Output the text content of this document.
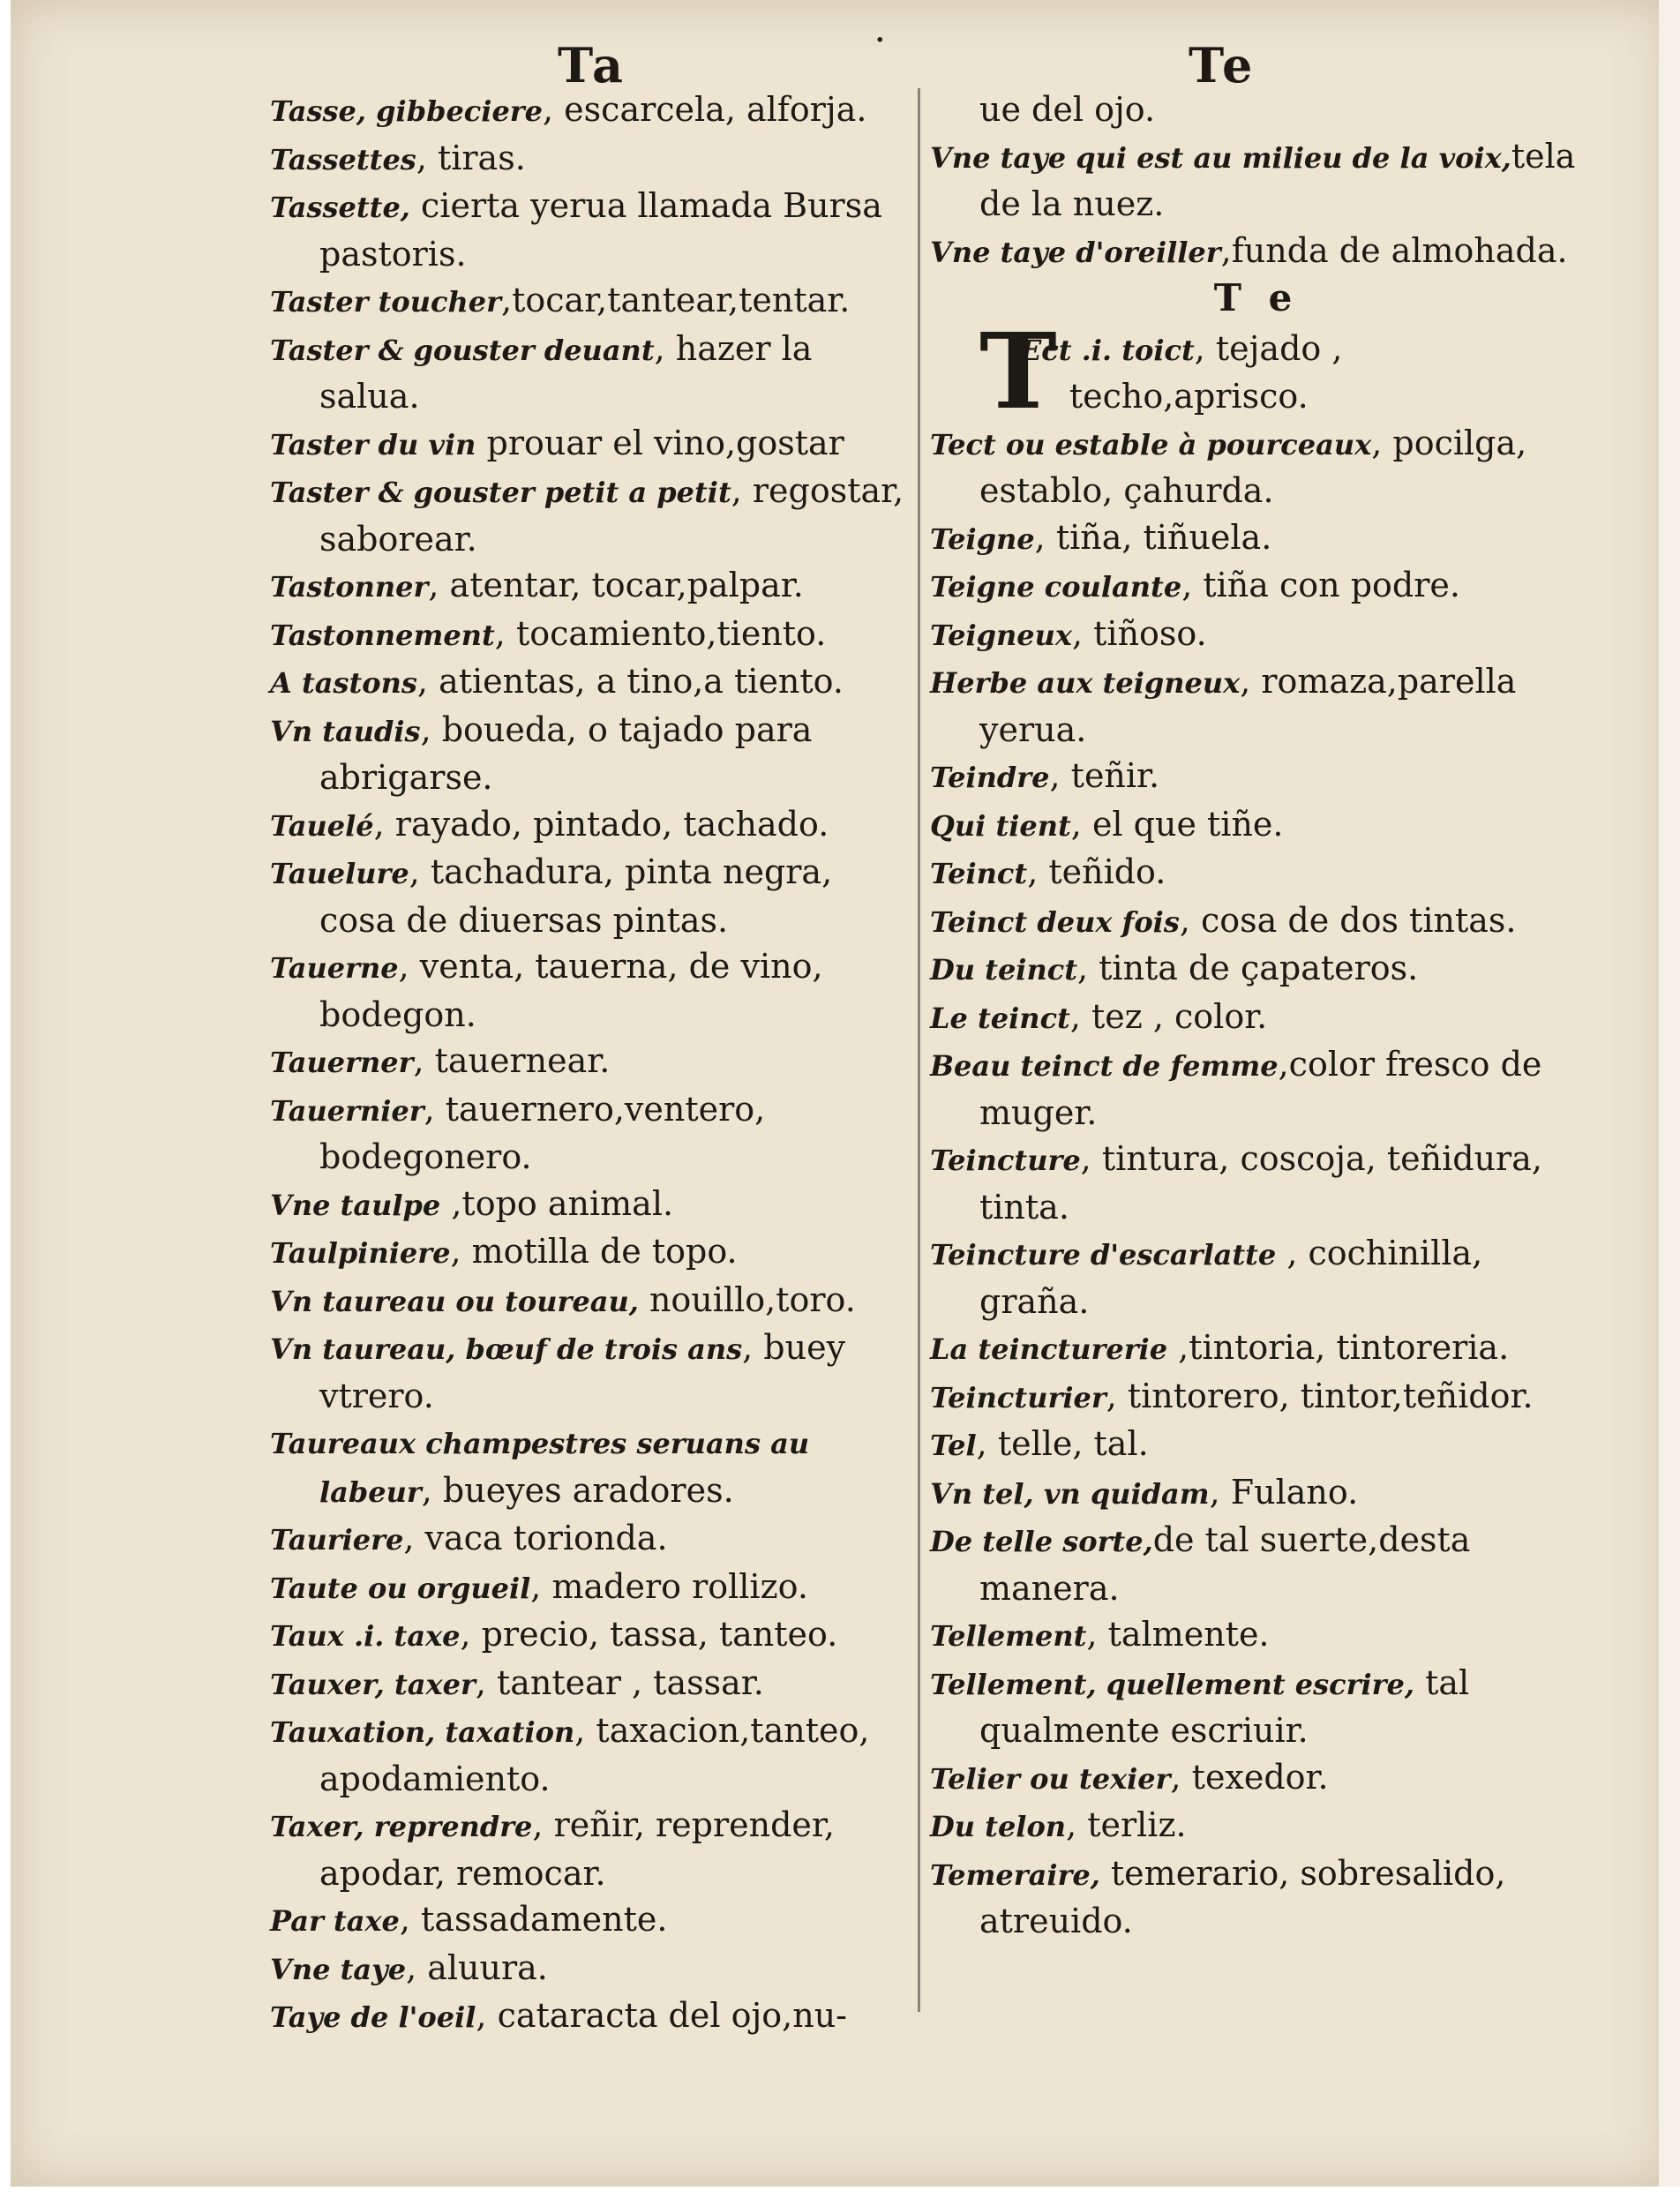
Ta	·	Te
Tasse, gibbeciere, escarcela, alforja.
Tassettes, tiras.
Tassette, cierta yerua llamada Bursa pastoris.
Taster toucher,tocar,tantear,tentar.
Taster & gouster deuant, hazer la salua.
Taster du vin prouar el vino,gostar
Taster & gouster petit a petit, regostar, saborear.
Tastonner, atentar, tocar,palpar.
Tastonnement, tocamiento,tiento.
A tastons, atientas, a tino,a tiento.
Vn taudis, boueda, o tajado para abrigarse.
Tauelé, rayado, pintado, tachado.
Tauelure, tachadura, pinta negra, cosa de diuersas pintas.
Tauerne, venta, tauerna, de vino, bodegon.
Tauerner, tauernear.
Tauernier, tauernero,ventero, bodegonero.
Vne taulpe ,topo animal.
Taulpiniere, motilla de topo.
Vn taureau ou toureau, nouillo,toro.
Vn taureau, bœuf de trois ans, buey vtrero.
Taureaux champestres seruans au labeur, bueyes aradores.
Tauriere, vaca torionda.
Taute ou orgueil, madero rollizo.
Taux .i. taxe, precio, tassa, tanteo.
Tauxer, taxer, tantear , tassar.
Tauxation, taxation, taxacion,tanteo, apodamiento.
Taxer, reprendre, reñir, reprender, apodar, remocar.
Par taxe, tassadamente.
Vne taye, aluura.
Taye de l'oeil, cataracta del ojo,nu-
ue del ojo.
Vne taye qui est au milieu de la voix,tela de la nuez.
Vne taye d'oreiller,funda de almohada.
T e
T
Ect .i. toict, tejado , techo,aprisco.
Tect ou estable à pourceaux, pocilga, establo, çahurda.
Teigne, tiña, tiñuela.
Teigne coulante, tiña con podre.
Teigneux, tiñoso.
Herbe aux teigneux, romaza,parella yerua.
Teindre, teñir.
Qui tient, el que tiñe.
Teinct, teñido.
Teinct deux fois, cosa de dos tintas.
Du teinct, tinta de çapateros.
Le teinct, tez , color.
Beau teinct de femme,color fresco de muger.
Teincture, tintura, coscoja, teñidura, tinta.
Teincture d'escarlatte , cochinilla, graña.
La teincturerie ,tintoria, tintoreria.
Teincturier, tintorero, tintor,teñidor.
Tel, telle, tal.
Vn tel, vn quidam, Fulano.
De telle sorte,de tal suerte,desta manera.
Tellement, talmente.
Tellement, quellement escrire, tal qualmente escriuir.
Telier ou texier, texedor.
Du telon, terliz.
Temeraire, temerario, sobresalido, atreuido.
